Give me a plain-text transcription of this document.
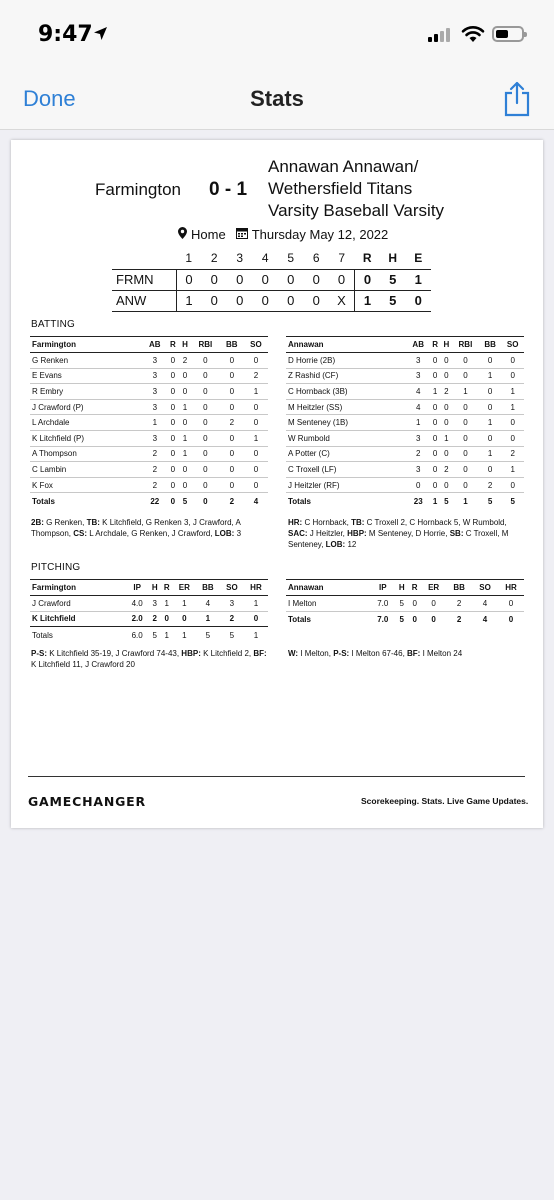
9:47
Done	Stats
Farmington 0 - 1
Annawan Annawan/
Wethersfield Titans
Varsity Baseball Varsity
Home Thursday May 12, 2022
	1	2	3	4	5	6	7	R	H	E
FRMN	0	0	0	0	0	0	0	0	5	1
ANW	1	0	0	0	0	0	X	1	5	0
BATTING
Farmington	AB	R	H	RBI	BB	SO
G Renken	3	0	2	0	0	0
E Evans	3	0	0	0	0	2
R Embry	3	0	0	0	0	1
J Crawford (P)	3	0	1	0	0	0
L Archdale	1	0	0	0	2	0
K Litchfield (P)	3	0	1	0	0	1
A Thompson	2	0	1	0	0	0
C Lambin	2	0	0	0	0	0
K Fox	2	0	0	0	0	0
Totals	22	0	5	0	2	4
Annawan	AB	R	H	RBI	BB	SO
D Horrie (2B)	3	0	0	0	0	0
Z Rashid (CF)	3	0	0	0	1	0
C Hornback (3B)	4	1	2	1	0	1
M Heitzler (SS)	4	0	0	0	0	1
M Senteney (1B)	1	0	0	0	1	0
W Rumbold	3	0	1	0	0	0
A Potter (C)	2	0	0	0	1	2
C Troxell (LF)	3	0	2	0	0	1
J Heitzler (RF)	0	0	0	0	2	0
Totals	23	1	5	1	5	5
2B: G Renken, TB: K Litchfield, G Renken 3, J Crawford, A Thompson, CS: L Archdale, G Renken, J Crawford, LOB: 3
HR: C Hornback, TB: C Troxell 2, C Hornback 5, W Rumbold, SAC: J Heitzler, HBP: M Senteney, D Horrie, SB: C Troxell, M Senteney, LOB: 12
PITCHING
Farmington	IP	H	R	ER	BB	SO	HR
J Crawford	4.0	3	1	1	4	3	1
K Litchfield	2.0	2	0	0	1	2	0
Totals	6.0	5	1	1	5	5	1
Annawan	IP	H	R	ER	BB	SO	HR
I Melton	7.0	5	0	0	2	4	0
Totals	7.0	5	0	0	2	4	0
P-S: K Litchfield 35-19, J Crawford 74-43, HBP: K Litchfield 2, BF: K Litchfield 11, J Crawford 20
W: I Melton, P-S: I Melton 67-46, BF: I Melton 24
GAMECHANGER	Scorekeeping. Stats. Live Game Updates.
